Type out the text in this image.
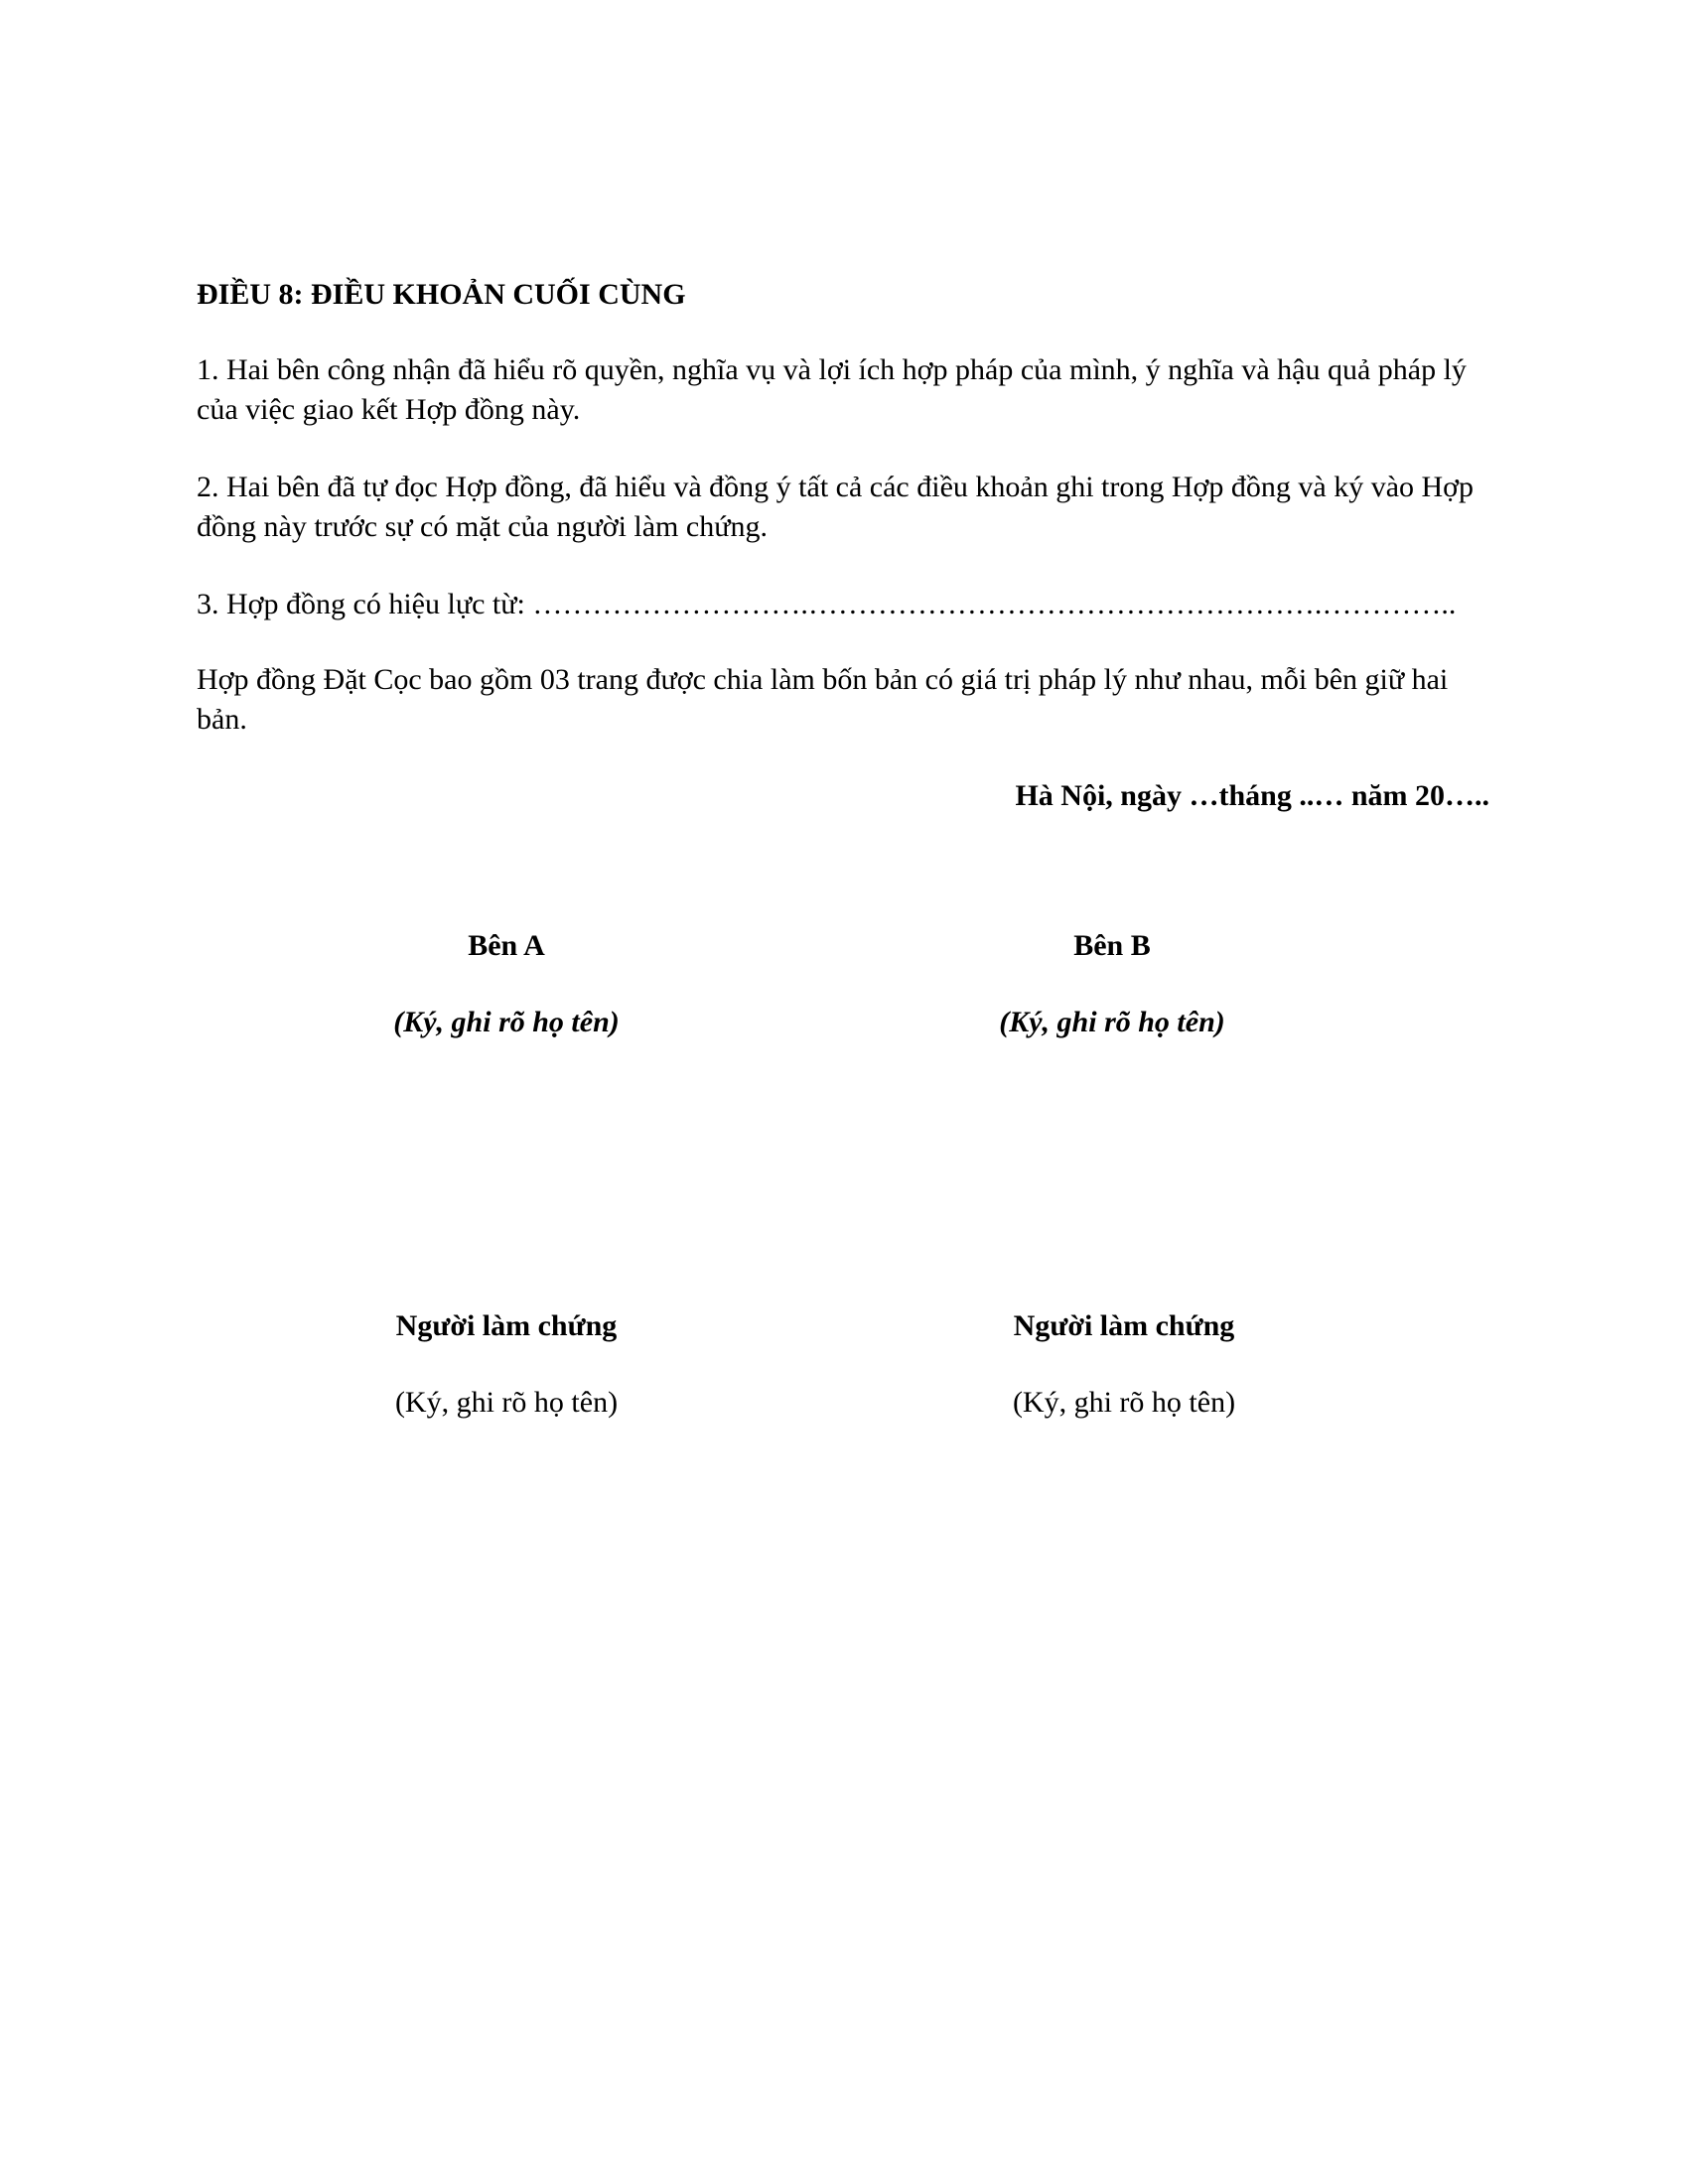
ĐIỀU 8: ĐIỀU KHOẢN CUỐI CÙNG

1. Hai bên công nhận đã hiểu rõ quyền, nghĩa vụ và lợi ích hợp pháp của mình, ý nghĩa và hậu quả pháp lý của việc giao kết Hợp đồng này.

2. Hai bên đã tự đọc Hợp đồng, đã hiểu và đồng ý tất cả các điều khoản ghi trong Hợp đồng và ký vào Hợp đồng này trước sự có mặt của người làm chứng.

3. Hợp đồng có hiệu lực từ: ……………………….…………………………………………….…………..

Hợp đồng Đặt Cọc bao gồm 03 trang được chia làm bốn bản có giá trị pháp lý như nhau, mỗi bên giữ hai bản.

Hà Nội, ngày …tháng ..… năm 20…..
Bên A	Bên B
(Ký, ghi rõ họ tên)	(Ký, ghi rõ họ tên)
Người làm chứng	Người làm chứng
(Ký, ghi rõ họ tên)	(Ký, ghi rõ họ tên)
